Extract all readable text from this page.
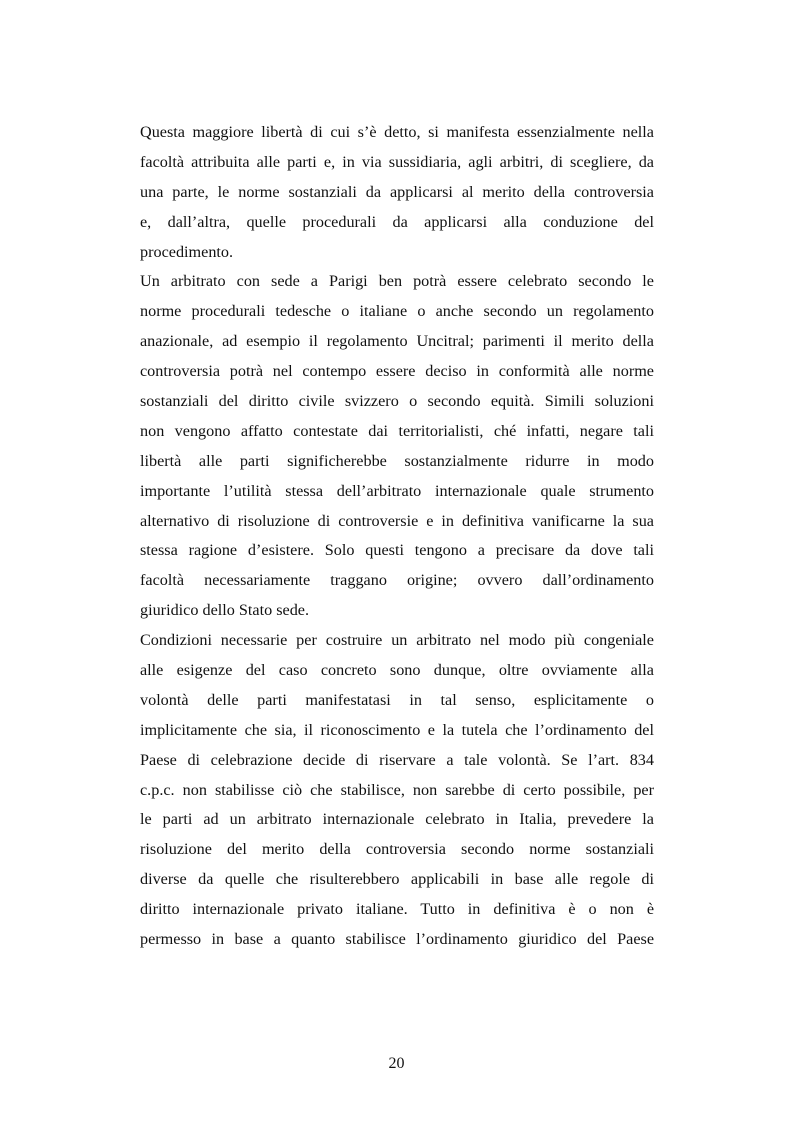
Questa maggiore libertà di cui s’è detto, si manifesta essenzialmente nella
facoltà attribuita alle parti e, in via sussidiaria, agli arbitri, di scegliere, da
una parte, le norme sostanziali da applicarsi al merito della controversia
e, dall’altra, quelle procedurali da applicarsi alla conduzione del
procedimento.
Un arbitrato con sede a Parigi ben potrà essere celebrato secondo le
norme procedurali tedesche o italiane o anche secondo un regolamento
anazionale, ad esempio il regolamento Uncitral; parimenti il merito della
controversia potrà nel contempo essere deciso in conformità alle norme
sostanziali del diritto civile svizzero o secondo equità. Simili soluzioni
non vengono affatto contestate dai territorialisti, ché infatti, negare tali
libertà alle parti significherebbe sostanzialmente ridurre in modo
importante l’utilità stessa dell’arbitrato internazionale quale strumento
alternativo di risoluzione di controversie e in definitiva vanificarne la sua
stessa ragione d’esistere. Solo questi tengono a precisare da dove tali
facoltà necessariamente traggano origine; ovvero dall’ordinamento
giuridico dello Stato sede.
Condizioni necessarie per costruire un arbitrato nel modo più congeniale
alle esigenze del caso concreto sono dunque, oltre ovviamente alla
volontà delle parti manifestatasi in tal senso, esplicitamente o
implicitamente che sia, il riconoscimento e la tutela che l’ordinamento del
Paese di celebrazione decide di riservare a tale volontà. Se l’art. 834
c.p.c. non stabilisse ciò che stabilisce, non sarebbe di certo possibile, per
le parti ad un arbitrato internazionale celebrato in Italia, prevedere la
risoluzione del merito della controversia secondo norme sostanziali
diverse da quelle che risulterebbero applicabili in base alle regole di
diritto internazionale privato italiane. Tutto in definitiva è o non è
permesso in base a quanto stabilisce l’ordinamento giuridico del Paese
20
